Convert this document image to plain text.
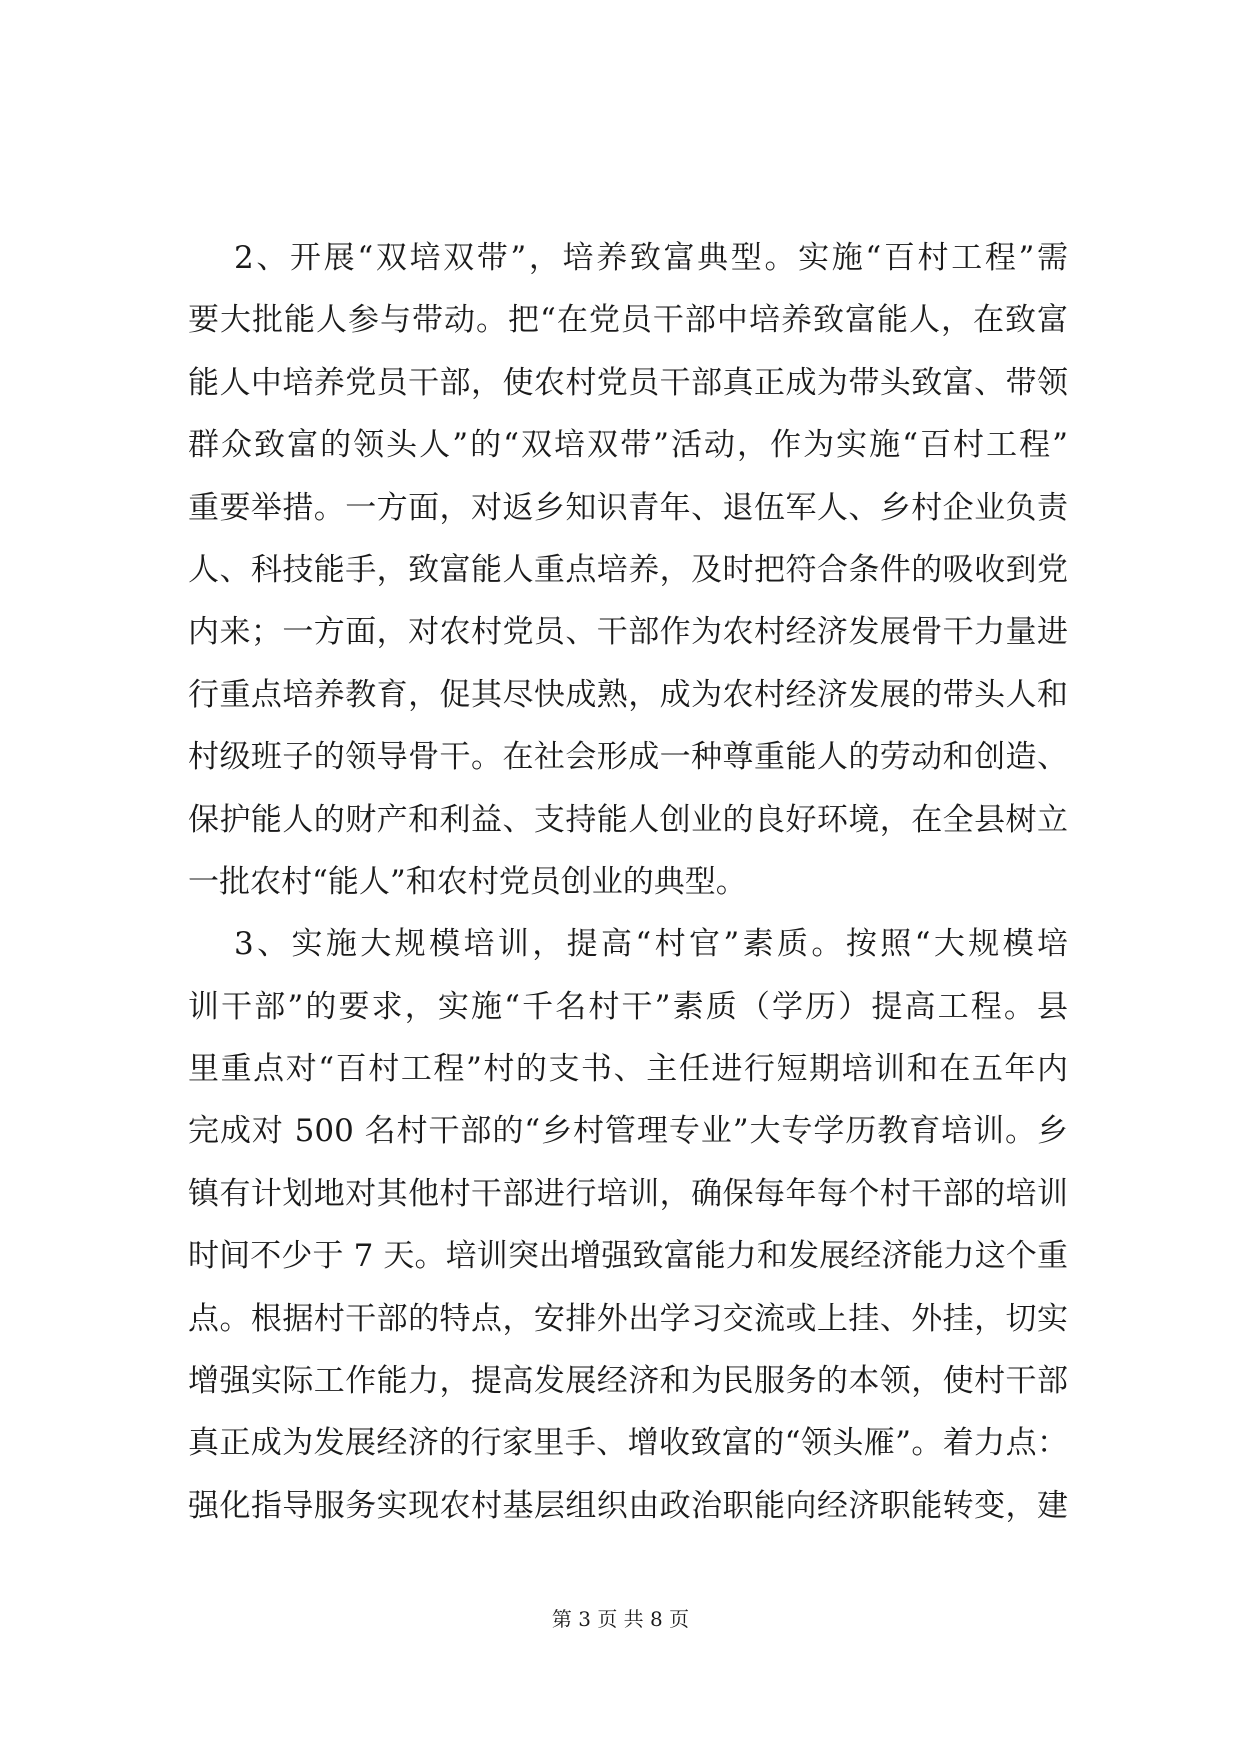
2、开展“双培双带”，培养致富典型。实施“百村工程”需
要大批能人参与带动。把“在党员干部中培养致富能人，在致富
能人中培养党员干部，使农村党员干部真正成为带头致富、带领
群众致富的领头人”的“双培双带”活动，作为实施“百村工程”
重要举措。一方面，对返乡知识青年、退伍军人、乡村企业负责
人、科技能手，致富能人重点培养，及时把符合条件的吸收到党
内来；一方面，对农村党员、干部作为农村经济发展骨干力量进
行重点培养教育，促其尽快成熟，成为农村经济发展的带头人和
村级班子的领导骨干。在社会形成一种尊重能人的劳动和创造、
保护能人的财产和利益、支持能人创业的良好环境，在全县树立
一批农村“能人”和农村党员创业的典型。
3、实施大规模培训，提高“村官”素质。按照“大规模培
训干部”的要求，实施“千名村干”素质（学历）提高工程。县
里重点对“百村工程”村的支书、主任进行短期培训和在五年内
完成对 500 名村干部的“乡村管理专业”大专学历教育培训。乡
镇有计划地对其他村干部进行培训，确保每年每个村干部的培训
时间不少于 7 天。培训突出增强致富能力和发展经济能力这个重
点。根据村干部的特点，安排外出学习交流或上挂、外挂，切实
增强实际工作能力，提高发展经济和为民服务的本领，使村干部
真正成为发展经济的行家里手、增收致富的“领头雁”。着力点：
强化指导服务实现农村基层组织由政治职能向经济职能转变，建
第 3 页 共 8 页
